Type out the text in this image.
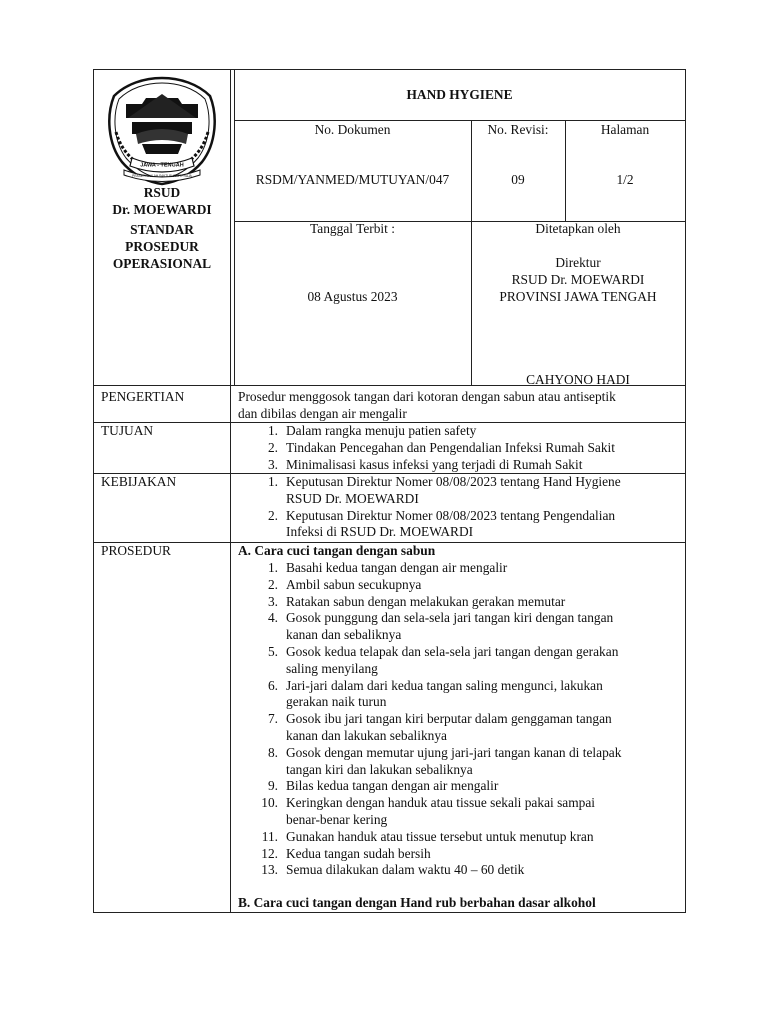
JAWA - TENGAH
PRASETYA ULAH SAKTI BHAKTI PRAJA
RSUD
Dr. MOEWARDI
STANDAR
PROSEDUR
OPERASIONAL
HAND HYGIENE
No. Dokumen
RSDM/YANMED/MUTUYAN/047
No. Revisi:
09
Halaman
1/2
Tanggal Terbit :
08 Agustus 2023
Ditetapkan oleh
Direktur
RSUD Dr. MOEWARDI
PROVINSI JAWA TENGAH
CAHYONO HADI
PENGERTIAN	Prosedur menggosok tangan dari kotoran dengan sabun atau antiseptik
dan dibilas dengan air mengalir
TUJUAN	1. Dalam rangka menuju patien safety
2. Tindakan Pencegahan dan Pengendalian Infeksi Rumah Sakit
3. Minimalisasi kasus infeksi yang terjadi di Rumah Sakit
KEBIJAKAN	1. Keputusan Direktur Nomer 08/08/2023 tentang Hand Hygiene
RSUD Dr. MOEWARDI
2. Keputusan Direktur Nomer 08/08/2023 tentang Pengendalian
Infeksi di RSUD Dr. MOEWARDI
PROSEDUR	A. Cara cuci tangan dengan sabun
1. Basahi kedua tangan dengan air mengalir
2. Ambil sabun secukupnya
3. Ratakan sabun dengan melakukan gerakan memutar
4. Gosok punggung dan sela-sela jari tangan kiri dengan tangan
kanan dan sebaliknya
5. Gosok kedua telapak dan sela-sela jari tangan dengan gerakan
saling menyilang
6. Jari-jari dalam dari kedua tangan saling mengunci, lakukan
gerakan naik turun
7. Gosok ibu jari tangan kiri berputar dalam genggaman tangan
kanan dan lakukan sebaliknya
8. Gosok dengan memutar ujung jari-jari tangan kanan di telapak
tangan kiri dan lakukan sebaliknya
9. Bilas kedua tangan dengan air mengalir
10. Keringkan dengan handuk atau tissue sekali pakai sampai
benar-benar kering
11. Gunakan handuk atau tissue tersebut untuk menutup kran
12. Kedua tangan sudah bersih
13. Semua dilakukan dalam waktu 40 – 60 detik
B. Cara cuci tangan dengan Hand rub berbahan dasar alkohol
